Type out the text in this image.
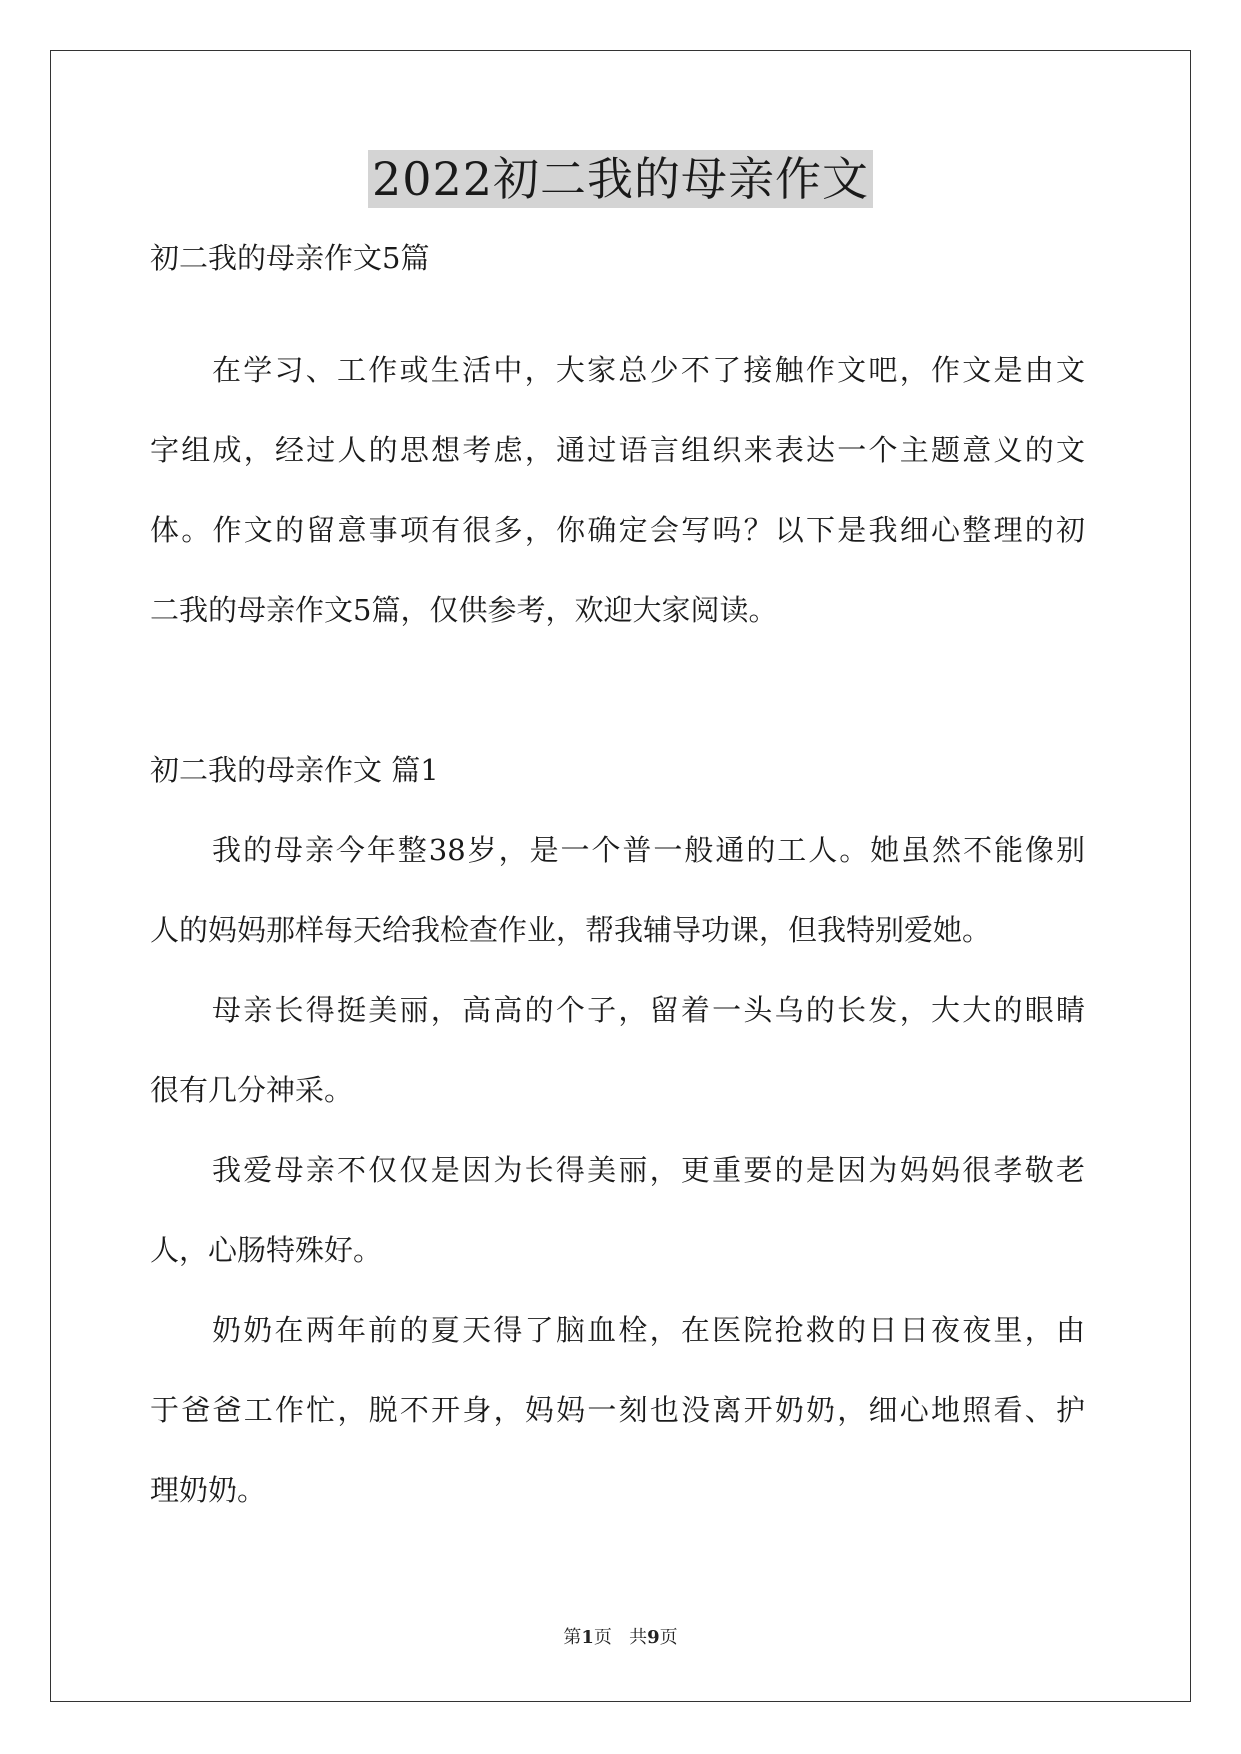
2022初二我的母亲作文
初二我的母亲作文5篇
在学习、工作或生活中，大家总少不了接触作文吧，作文是由文
字组成，经过人的思想考虑，通过语言组织来表达一个主题意义的文
体。作文的留意事项有很多，你确定会写吗？以下是我细心整理的初
二我的母亲作文5篇，仅供参考，欢迎大家阅读。
初二我的母亲作文 篇1
我的母亲今年整38岁，是一个普一般通的工人。她虽然不能像别
人的妈妈那样每天给我检查作业，帮我辅导功课，但我特别爱她。
母亲长得挺美丽，高高的个子，留着一头乌的长发，大大的眼睛
很有几分神采。
我爱母亲不仅仅是因为长得美丽，更重要的是因为妈妈很孝敬老
人，心肠特殊好。
奶奶在两年前的夏天得了脑血栓，在医院抢救的日日夜夜里，由
于爸爸工作忙，脱不开身，妈妈一刻也没离开奶奶，细心地照看、护
理奶奶。
第1页 共9页
